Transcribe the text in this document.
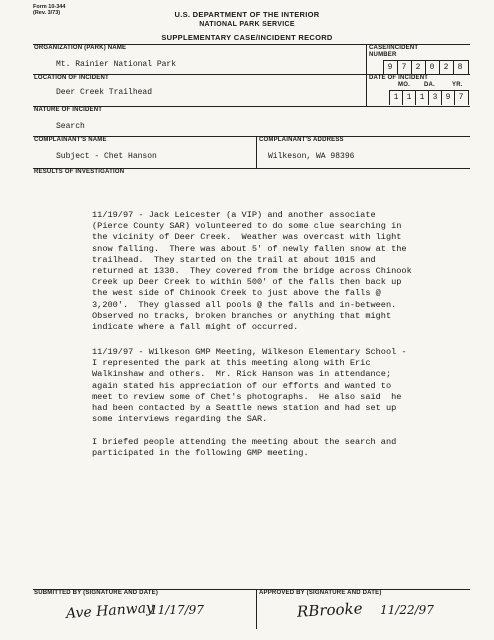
Form 10-344
(Rev. 3/73)	U.S. DEPARTMENT OF THE INTERIOR
NATIONAL PARK SERVICE
SUPPLEMENTARY CASE/INCIDENT RECORD
ORGANIZATION (PARK) NAME
Mt. Rainier National Park
CASE/INCIDENT
NUMBER
9	7	2	0	2	8
LOCATION OF INCIDENT
Deer Creek Trailhead
DATE OF INCIDENT
MO. DA.	YR.
1	1	1	3	9	7
NATURE OF INCIDENT
Search
COMPLAINANT'S NAME
Subject - Chet Hanson
COMPLAINANT'S ADDRESS
Wilkeson, WA 98396
RESULTS OF INVESTIGATION
11/19/97 - Jack Leicester (a VIP) and another associate
(Pierce County SAR) volunteered to do some clue searching in
the vicinity of Deer Creek.  Weather was overcast with light
snow falling.  There was about 5' of newly fallen snow at the
trailhead.  They started on the trail at about 1015 and
returned at 1330.  They covered from the bridge across Chinook
Creek up Deer Creek to within 500' of the falls then back up
the west side of Chinook Creek to just above the falls @
3,200'.  They glassed all pools @ the falls and in-between.
Observed no tracks, broken branches or anything that might
indicate where a fall might of occurred.
11/19/97 - Wilkeson GMP Meeting, Wilkeson Elementary School -
I represented the park at this meeting along with Eric
Walkinshaw and others.  Mr. Rick Hanson was in attendance;
again stated his appreciation of our efforts and wanted to
meet to review some of Chet's photographs.  He also said  he
had been contacted by a Seattle news station and had set up
some interviews regarding the SAR.
I briefed people attending the meeting about the search and
participated in the following GMP meeting.
SUBMITTED BY (SIGNATURE AND DATE)	APPROVED BY (SIGNATURE AND DATE)
Ave Hanway
11/17/97	RBrooke 11/22/97
